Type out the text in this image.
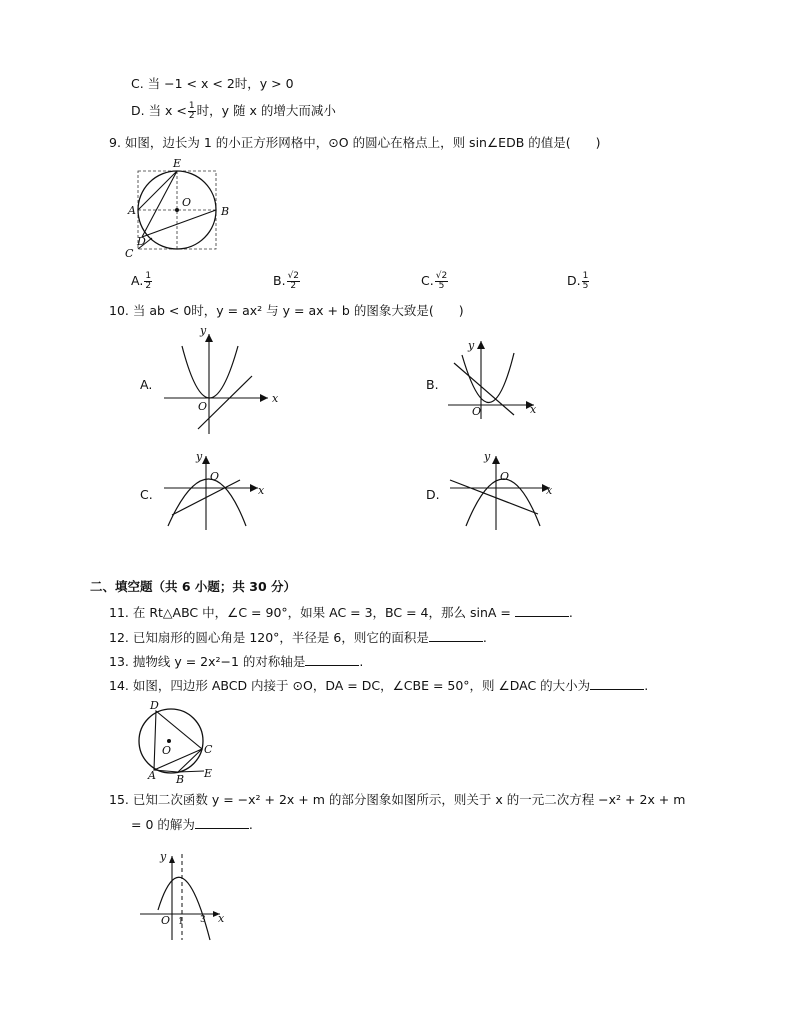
C. 当 −1 < x < 2时，y > 0
D. 当 $x < \frac{1}{2}$ 时，y 随 x 的增大而减小
9. 如图，边长为 1 的小正方形网格中，⊙O 的圆心在格点上，则 sin∠EDB 的值是(　　)
E
O
A	B
C
D
A. $\frac{1}{2}$	B. $\frac{√2}{2}$	C. $\frac{√2}{5}$	D. $\frac{1}{5}$
10. 当 ab < 0时，y = ax² 与 y = ax + b 的图象大致是(　　)
A.
x
y
O
B.
x
y
O
C.	x
y
O
D.	x
y
O
二、填空题（共 6 小题；共 30 分）
11. 在 Rt△ABC 中，∠C = 90°，如果 AC = 3，BC = 4，那么 sinA =	.
12. 已知扇形的圆心角是 120°，半径是 6，则它的面积是	.
13. 抛物线 y = 2x²−1 的对称轴是	.
14. 如图，四边形 ABCD 内接于 ⊙O，DA = DC，∠CBE = 50°，则 ∠DAC 的大小为	.
D
O	C
A B E
15. 已知二次函数 y = −x² + 2x + m 的部分图象如图所示，则关于 x 的一元二次方程 −x² + 2x + m
= 0 的解为	.
x
y
O 1 3
